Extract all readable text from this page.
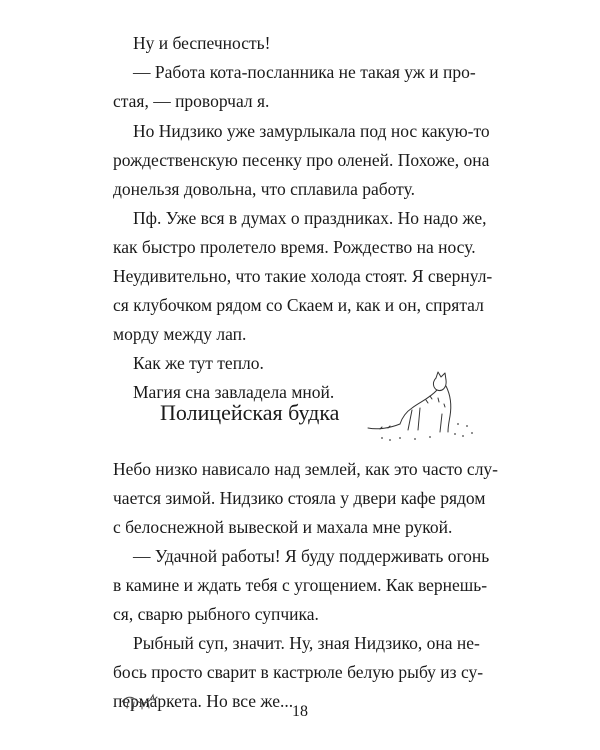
Ну и беспечность!

— Работа кота-посланника не такая уж и про-

стая, — проворчал я.

Но Нидзико уже замурлыкала под нос какую-то

рождественскую песенку про оленей. Похоже, она

донельзя довольна, что сплавила работу.

Пф. Уже вся в думах о праздниках. Но надо же,

как быстро пролетело время. Рождество на носу.

Неудивительно, что такие холода стоят. Я свернул-

ся клубочком рядом со Скаем и, как и он, спрятал

морду между лап.

Как же тут тепло.

Магия сна завладела мной.

Полицейская будка

Небо низко нависало над землей, как это часто слу-

чается зимой. Нидзико стояла у двери кафе рядом

с белоснежной вывеской и махала мне рукой.

— Удачной работы! Я буду поддерживать огонь

в камине и ждать тебя с угощением. Как вернешь-

ся, сварю рыбного супчика.

Рыбный суп, значит. Ну, зная Нидзико, она не-

бось просто сварит в кастрюле белую рыбу из су-

пермаркета. Но все же...

18
